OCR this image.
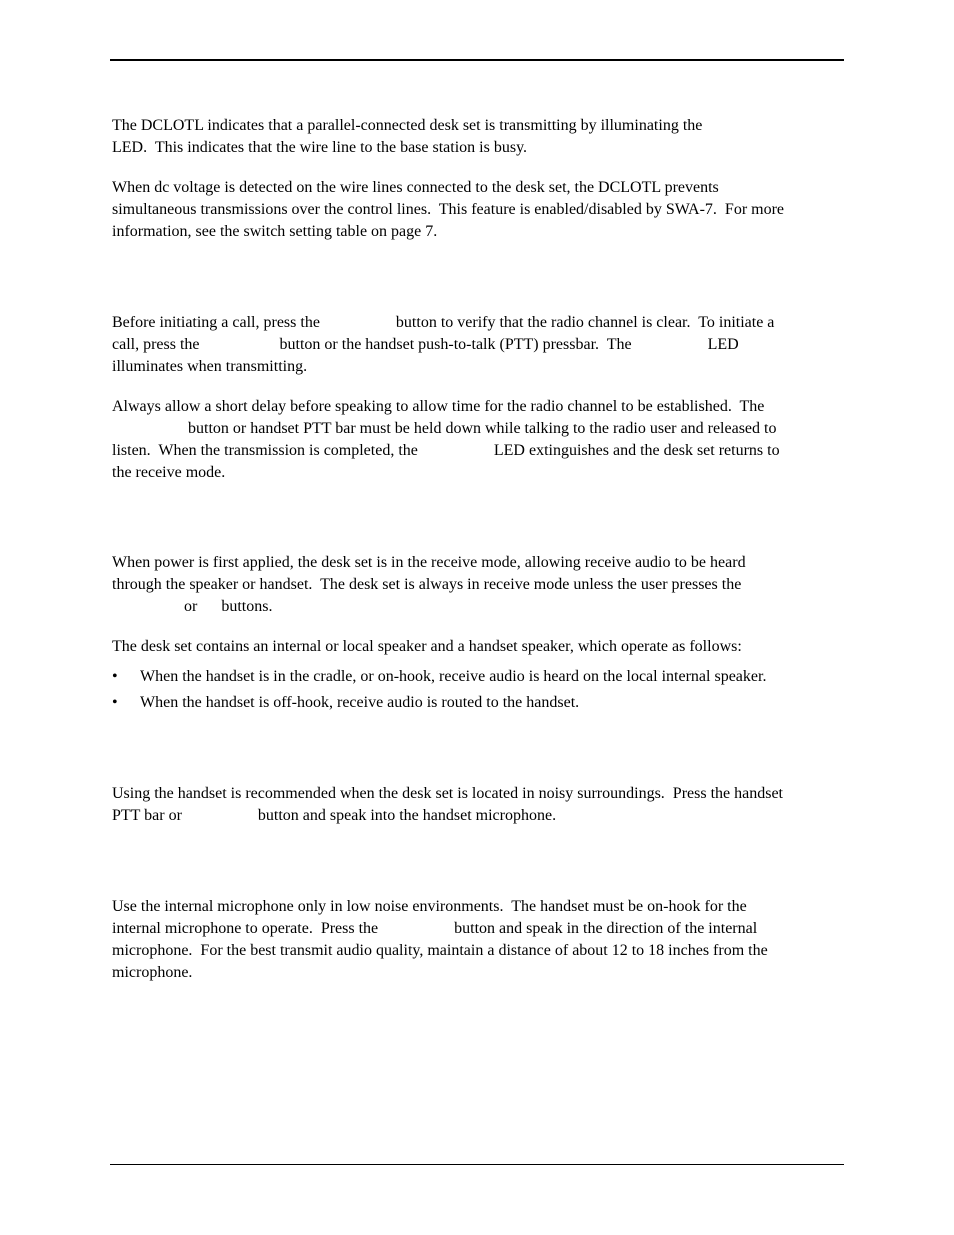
The DCLOTL indicates that a parallel-connected desk set is transmitting by illuminating the
LED.  This indicates that the wire line to the base station is busy.

When dc voltage is detected on the wire lines connected to the desk set, the DCLOTL prevents
simultaneous transmissions over the control lines.  This feature is enabled/disabled by SWA-7.  For more
information, see the switch setting table on page 7.

Before initiating a call, press the                   button to verify that the radio channel is clear.  To initiate a
call, press the                    button or the handset push-to-talk (PTT) pressbar.  The                   LED
illuminates when transmitting.

Always allow a short delay before speaking to allow time for the radio channel to be established.  The
button or handset PTT bar must be held down while talking to the radio user and released to
listen.  When the transmission is completed, the                   LED extinguishes and the desk set returns to
the receive mode.

When power is first applied, the desk set is in the receive mode, allowing receive audio to be heard
through the speaker or handset.  The desk set is always in receive mode unless the user presses the
or      buttons.

The desk set contains an internal or local speaker and a handset speaker, which operate as follows:

• When the handset is in the cradle, or on-hook, receive audio is heard on the local internal speaker.
• When the handset is off-hook, receive audio is routed to the handset.

Using the handset is recommended when the desk set is located in noisy surroundings.  Press the handset
PTT bar or                   button and speak into the handset microphone.

Use the internal microphone only in low noise environments.  The handset must be on-hook for the
internal microphone to operate.  Press the                   button and speak in the direction of the internal
microphone.  For the best transmit audio quality, maintain a distance of about 12 to 18 inches from the
microphone.
